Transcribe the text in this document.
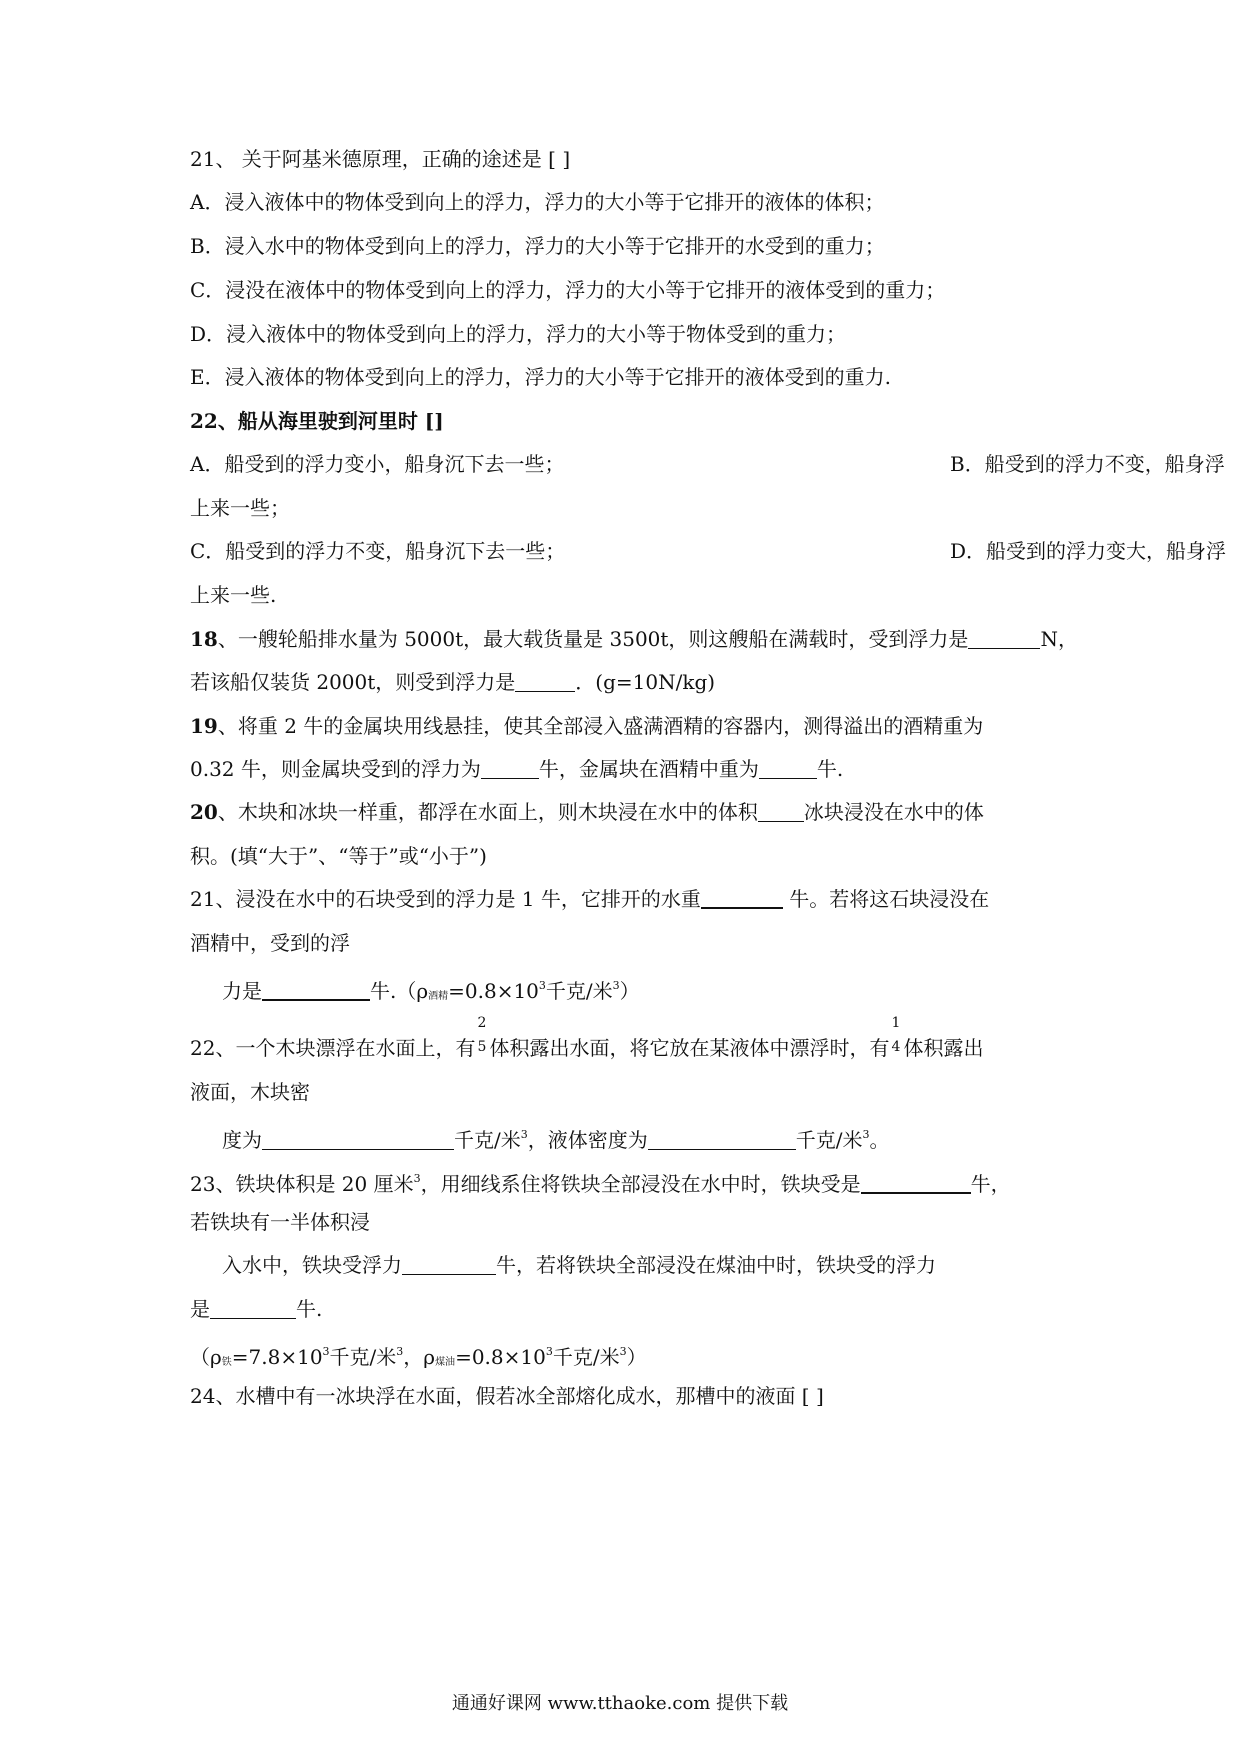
21、 关于阿基米德原理，正确的途述是 [ ]
A．浸入液体中的物体受到向上的浮力，浮力的大小等于它排开的液体的体积；
B．浸入水中的物体受到向上的浮力，浮力的大小等于它排开的水受到的重力；
C．浸没在液体中的物体受到向上的浮力，浮力的大小等于它排开的液体受到的重力；
D．浸入液体中的物体受到向上的浮力，浮力的大小等于物体受到的重力；
E．浸入液体的物体受到向上的浮力，浮力的大小等于它排开的液体受到的重力.
22、船从海里驶到河里时 []
A．船受到的浮力变小，船身沉下去一些；	B．船受到的浮力不变，船身浮
上来一些；
C．船受到的浮力不变，船身沉下去一些；	D．船受到的浮力变大，船身浮
上来一些.
18、一艘轮船排水量为 5000t，最大载货量是 3500t，则这艘船在满载时，受到浮力是	N，
若该船仅装货 2000t，则受到浮力是	．(g=10N/kg)
19、将重 2 牛的金属块用线悬挂，使其全部浸入盛满酒精的容器内，测得溢出的酒精重为
0.32 牛，则金属块受到的浮力为	牛，金属块在酒精中重为	牛.
20、木块和冰块一样重，都浮在水面上，则木块浸在水中的体积 冰块浸没在水中的体
积。(填“大于”、“等于”或“小于”)
21、浸没在水中的石块受到的浮力是 1 牛，它排开的水重	牛。若将这石块浸没在
酒精中，受到的浮
力是	牛.（ρ酒精$=0.8\times 10^3$千克/米$^3$）
22、一个木块漂浮在水面上，有
2
5 体积露出水面，将它放在某液体中漂浮时，有
1
4 体积露出
液面，木块密
度为	千克/米$^3$，液体密度为	千克/米$^3$。
23、铁块体积是 20 厘米$^3$，用细线系住将铁块全部浸没在水中时，铁块受是	牛，
若铁块有一半体积浸
入水中，铁块受浮力	牛，若将铁块全部浸没在煤油中时，铁块受的浮力
是	牛.
（ρ铁$=7.8\times 10^3$千克/米$^3$，ρ煤油$=0.8\times 10^3$千克/米$^3$）
24、水槽中有一冰块浮在水面，假若冰全部熔化成水，那槽中的液面 [ ]
通通好课网 www.tthaoke.com 提供下载
